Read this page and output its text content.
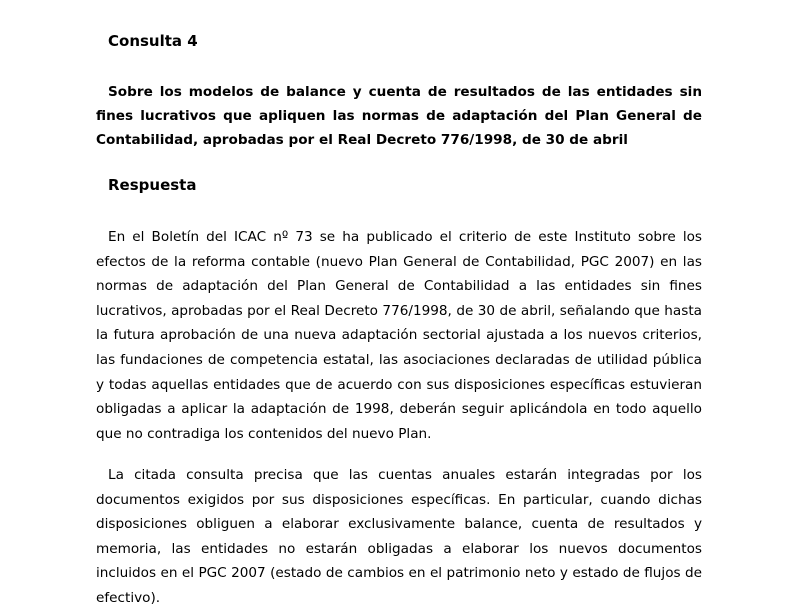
Consulta 4

Sobre los modelos de balance y cuenta de resultados de las entidades sin fines lucrativos que apliquen las normas de adaptación del Plan General de Contabilidad, aprobadas por el Real Decreto 776/1998, de 30 de abril

Respuesta

En el Boletín del ICAC nº 73 se ha publicado el criterio de este Instituto sobre los efectos de la reforma contable (nuevo Plan General de Contabilidad, PGC 2007) en las normas de adaptación del Plan General de Contabilidad a las entidades sin fines lucrativos, aprobadas por el Real Decreto 776/1998, de 30 de abril, señalando que hasta la futura aprobación de una nueva adaptación sectorial ajustada a los nuevos criterios, las fundaciones de competencia estatal, las asociaciones declaradas de utilidad pública y todas aquellas entidades que de acuerdo con sus disposiciones específicas estuvieran obligadas a aplicar la adaptación de 1998, deberán seguir aplicándola en todo aquello que no contradiga los contenidos del nuevo Plan.

La citada consulta precisa que las cuentas anuales estarán integradas por los documentos exigidos por sus disposiciones específicas. En particular, cuando dichas disposiciones obliguen a elaborar exclusivamente balance, cuenta de resultados y memoria, las entidades no estarán obligadas a elaborar los nuevos documentos incluidos en el PGC 2007 (estado de cambios en el patrimonio neto y estado de flujos de efectivo).
